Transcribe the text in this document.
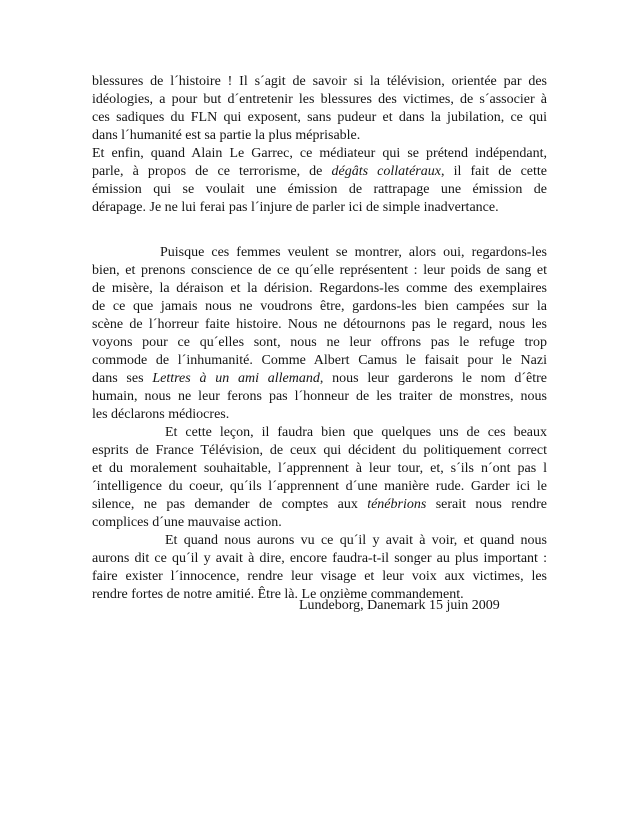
blessures de l´histoire ! Il s´agit de savoir si la télévision, orientée par des
idéologies, a pour but d´entretenir les blessures des victimes, de s´associer à
ces sadiques du FLN qui exposent, sans pudeur et dans la jubilation, ce qui
dans l´humanité est sa partie la plus méprisable.
Et enfin, quand Alain Le Garrec, ce médiateur qui se prétend indépendant,
parle, à propos de ce terrorisme, de dégâts collatéraux, il fait de cette
émission qui se voulait une émission de rattrapage une émission de
dérapage. Je ne lui ferai pas l´injure de parler ici de simple inadvertance.
Puisque ces femmes veulent se montrer, alors oui, regardons-les
bien, et prenons conscience de ce qu´elle représentent : leur poids de sang et
de misère, la déraison et la dérision. Regardons-les comme des exemplaires
de ce que jamais nous ne voudrons être, gardons-les bien campées sur la
scène de l´horreur faite histoire. Nous ne détournons pas le regard, nous les
voyons pour ce qu´elles sont, nous ne leur offrons pas le refuge trop
commode de l´inhumanité. Comme Albert Camus le faisait pour le Nazi
dans ses Lettres à un ami allemand, nous leur garderons le nom d´être
humain, nous ne leur ferons pas l´honneur de les traiter de monstres, nous
les déclarons médiocres.
Et cette leçon, il faudra bien que quelques uns de ces beaux
esprits de France Télévision, de ceux qui décident du politiquement correct
et du moralement souhaitable, l´apprennent à leur tour, et, s´ils n´ont pas l
´intelligence du coeur, qu´ils l´apprennent d´une manière rude. Garder ici le
silence, ne pas demander de comptes aux ténébrions serait nous rendre
complices d´une mauvaise action.
Et quand nous aurons vu ce qu´il y avait à voir, et quand nous
aurons dit ce qu´il y avait à dire, encore faudra-t-il songer au plus important :
faire exister l´innocence, rendre leur visage et leur voix aux victimes, les
rendre fortes de notre amitié. Être là. Le onzième commandement.
Lundeborg, Danemark 15 juin 2009
